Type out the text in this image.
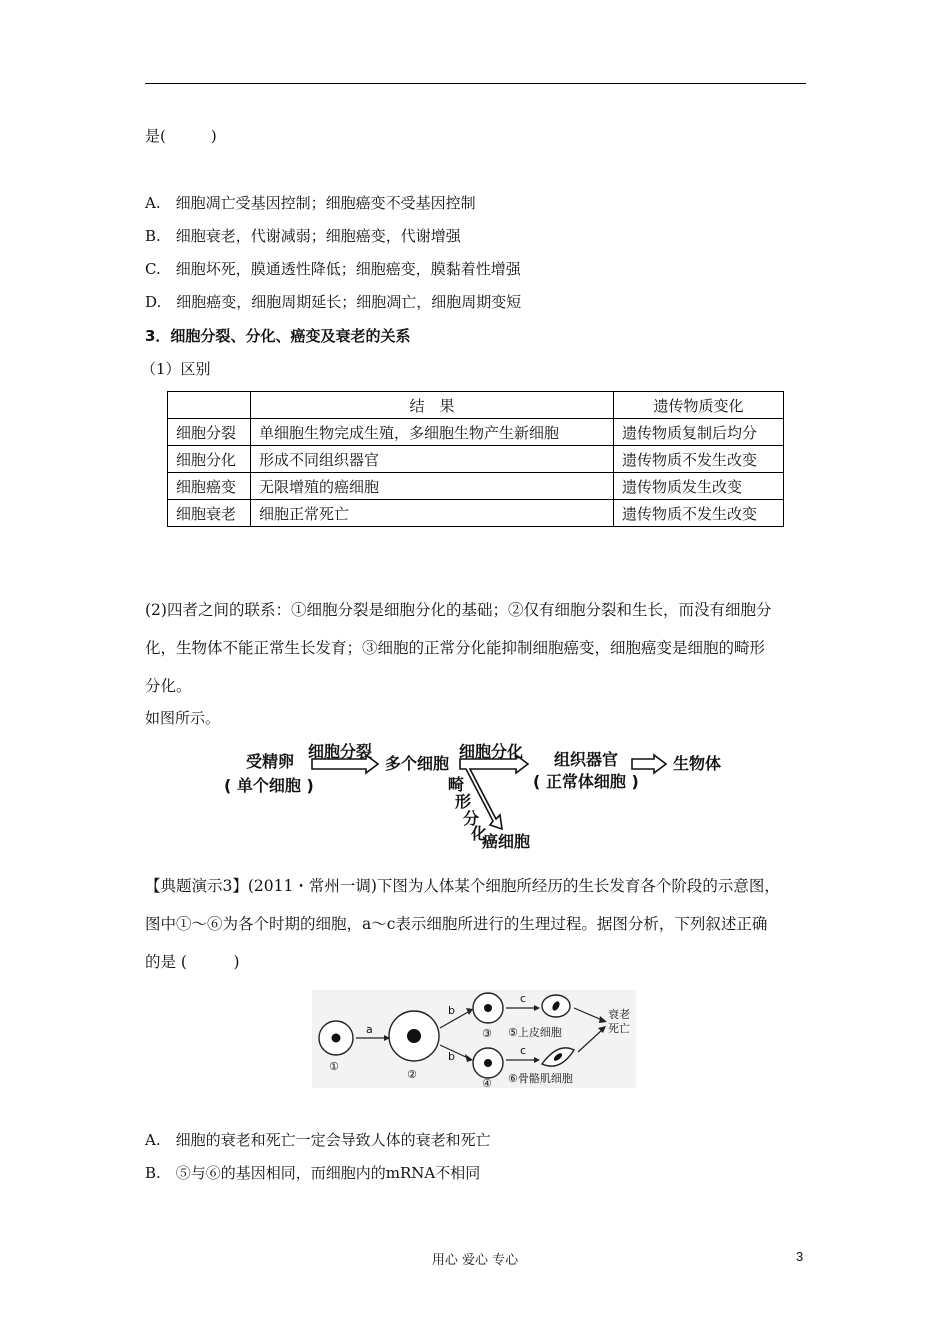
是(　　　)
A.　细胞凋亡受基因控制；细胞癌变不受基因控制
B.　细胞衰老，代谢减弱；细胞癌变，代谢增强
C.　细胞坏死，膜通透性降低；细胞癌变，膜黏着性增强
D.　细胞癌变，细胞周期延长；细胞凋亡，细胞周期变短
3．细胞分裂、分化、癌变及衰老的关系
（1）区别
	结　果	遗传物质变化
细胞分裂	单细胞生物完成生殖，多细胞生物产生新细胞	遗传物质复制后均分
细胞分化	形成不同组织器官	遗传物质不发生改变
细胞癌变	无限增殖的癌细胞	遗传物质发生改变
细胞衰老	细胞正常死亡	遗传物质不发生改变
(2)四者之间的联系：①细胞分裂是细胞分化的基础；②仅有细胞分裂和生长，而没有细胞分
化，生物体不能正常生长发育；③细胞的正常分化能抑制细胞癌变，细胞癌变是细胞的畸形
分化。
如图所示。
受精卵
( 单个细胞 )
细胞分裂
多个细胞
细胞分化 组织器官
( 正常体细胞 )
生物体
畸
形
分
化
癌细胞
【典题演示3】(2011・常州一调)下图为人体某个细胞所经历的生长发育各个阶段的示意图，
图中①～⑥为各个时期的细胞，a～c表示细胞所进行的生理过程。据图分析，下列叙述正确
的是 (　　　)
a
b
b
c
c
①
②
③
④
⑤上皮细胞
⑥骨骼肌细胞
衰老
死亡
A.　细胞的衰老和死亡一定会导致人体的衰老和死亡
B.　⑤与⑥的基因相同，而细胞内的mRNA不相同
用心 爱心 专心	3
